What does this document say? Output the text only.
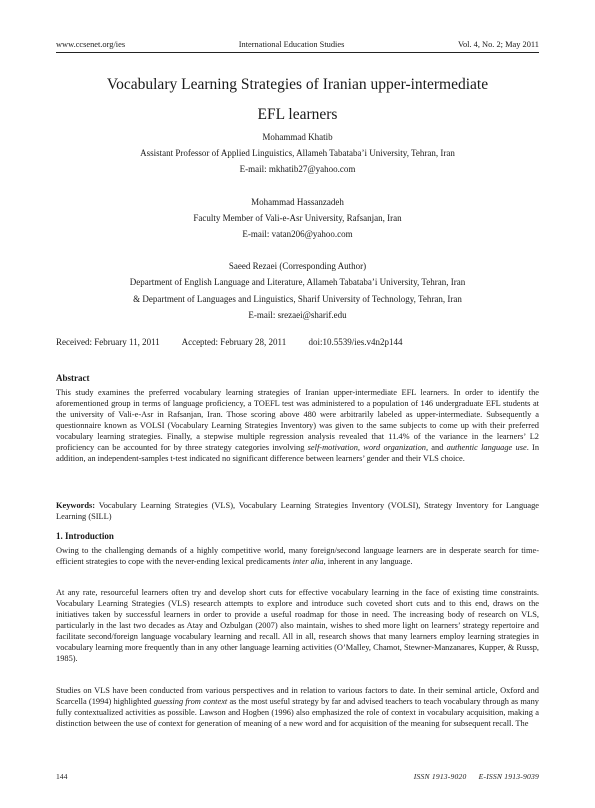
www.ccsenet.org/ies	International Education Studies	Vol. 4, No. 2; May 2011
Vocabulary Learning Strategies of Iranian upper-intermediate
EFL learners
Mohammad Khatib
Assistant Professor of Applied Linguistics, Allameh Tabataba’i University, Tehran, Iran
E-mail: mkhatib27@yahoo.com
Mohammad Hassanzadeh
Faculty Member of Vali-e-Asr University, Rafsanjan, Iran
E-mail: vatan206@yahoo.com
Saeed Rezaei (Corresponding Author)
Department of English Language and Literature, Allameh Tabataba’i University, Tehran, Iran
& Department of Languages and Linguistics, Sharif University of Technology, Tehran, Iran
E-mail: srezaei@sharif.edu
Received: February 11, 2011 Accepted: February 28, 2011 doi:10.5539/ies.v4n2p144
Abstract

This study examines the preferred vocabulary learning strategies of Iranian upper-intermediate EFL learners. In order to identify the aforementioned group in terms of language proficiency, a TOEFL test was administered to a population of 146 undergraduate EFL students at the university of Vali-e-Asr in Rafsanjan, Iran. Those scoring above 480 were arbitrarily labeled as upper-intermediate. Subsequently a questionnaire known as VOLSI (Vocabulary Learning Strategies Inventory) was given to the same subjects to come up with their preferred vocabulary learning strategies. Finally, a stepwise multiple regression analysis revealed that 11.4% of the variance in the learners’ L2 proficiency can be accounted for by three strategy categories involving self-motivation, word organization, and authentic language use. In addition, an independent-samples t-test indicated no significant difference between learners’ gender and their VLS choice.

Keywords: Vocabulary Learning Strategies (VLS), Vocabulary Learning Strategies Inventory (VOLSI), Strategy Inventory for Language Learning (SILL)

1. Introduction

Owing to the challenging demands of a highly competitive world, many foreign/second language learners are in desperate search for time-efficient strategies to cope with the never-ending lexical predicaments inter alia, inherent in any language.

At any rate, resourceful learners often try and develop short cuts for effective vocabulary learning in the face of existing time constraints. Vocabulary Learning Strategies (VLS) research attempts to explore and introduce such coveted short cuts and to this end, draws on the initiatives taken by successful learners in order to provide a useful roadmap for those in need. The increasing body of research on VLS, particularly in the last two decades as Atay and Ozbulgan (2007) also maintain, wishes to shed more light on learners’ strategy repertoire and facilitate second/foreign language vocabulary learning and recall. All in all, research shows that many learners employ learning strategies in vocabulary learning more frequently than in any other language learning activities (O’Malley, Chamot, Stewner-Manzanares, Kupper, & Russp, 1985).

Studies on VLS have been conducted from various perspectives and in relation to various factors to date. In their seminal article, Oxford and Scarcella (1994) highlighted guessing from context as the most useful strategy by far and advised teachers to teach vocabulary through as many fully contextualized activities as possible. Lawson and Hogben (1996) also emphasized the role of context in vocabulary acquisition, making a distinction between the use of context for generation of meaning of a new word and for acquisition of the meaning for subsequent recall. The

144	ISSN 1913-9020 E-ISSN 1913-9039
